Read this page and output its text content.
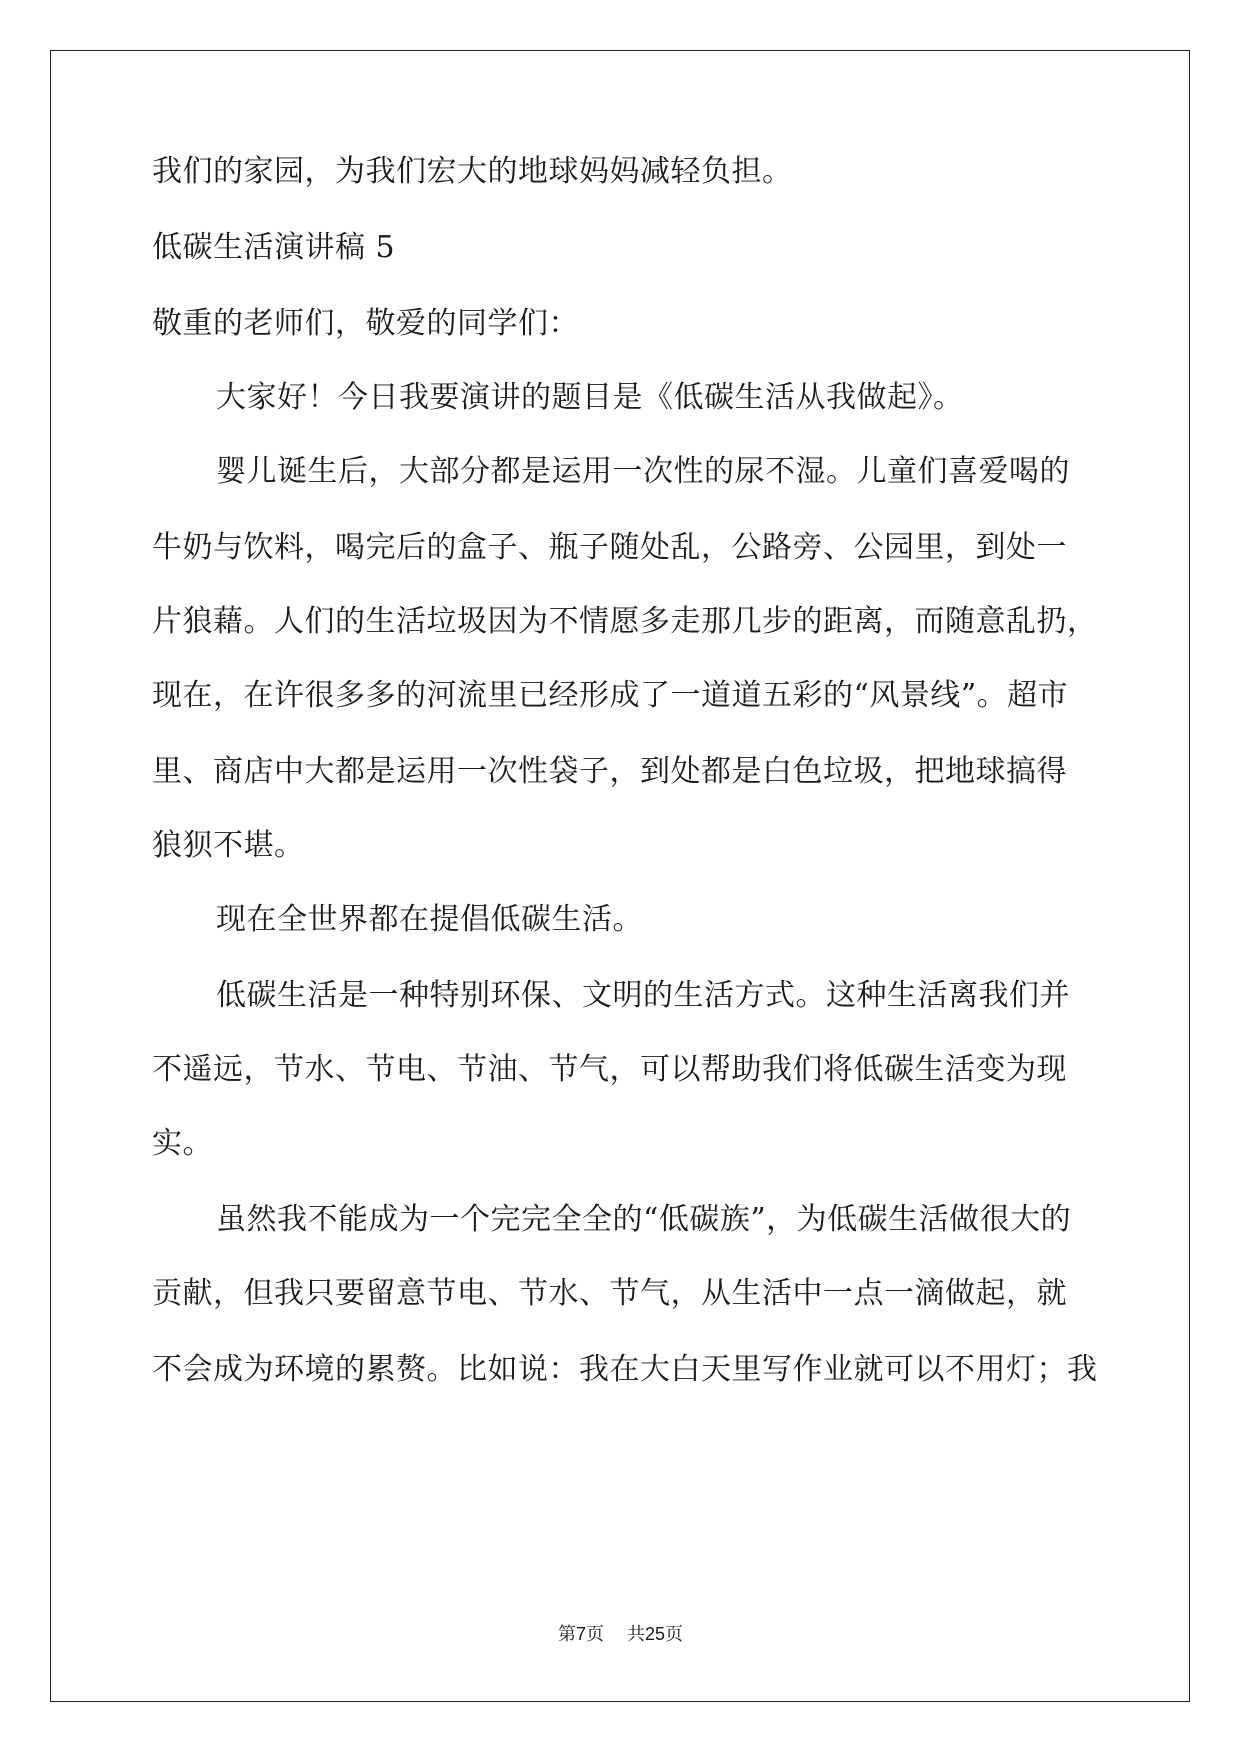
我们的家园，为我们宏大的地球妈妈减轻负担。
低碳生活演讲稿 5
敬重的老师们，敬爱的同学们：
大家好！今日我要演讲的题目是《低碳生活从我做起》。
婴儿诞生后，大部分都是运用一次性的尿不湿。儿童们喜爱喝的
牛奶与饮料，喝完后的盒子、瓶子随处乱，公路旁、公园里，到处一
片狼藉。人们的生活垃圾因为不情愿多走那几步的距离，而随意乱扔，
现在，在许很多多的河流里已经形成了一道道五彩的“风景线”。超市
里、商店中大都是运用一次性袋子，到处都是白色垃圾，把地球搞得
狼狈不堪。
现在全世界都在提倡低碳生活。
低碳生活是一种特别环保、文明的生活方式。这种生活离我们并
不遥远，节水、节电、节油、节气，可以帮助我们将低碳生活变为现
实。
虽然我不能成为一个完完全全的“低碳族”，为低碳生活做很大的
贡献，但我只要留意节电、节水、节气，从生活中一点一滴做起，就
不会成为环境的累赘。比如说：我在大白天里写作业就可以不用灯；我
第7页 共25页
